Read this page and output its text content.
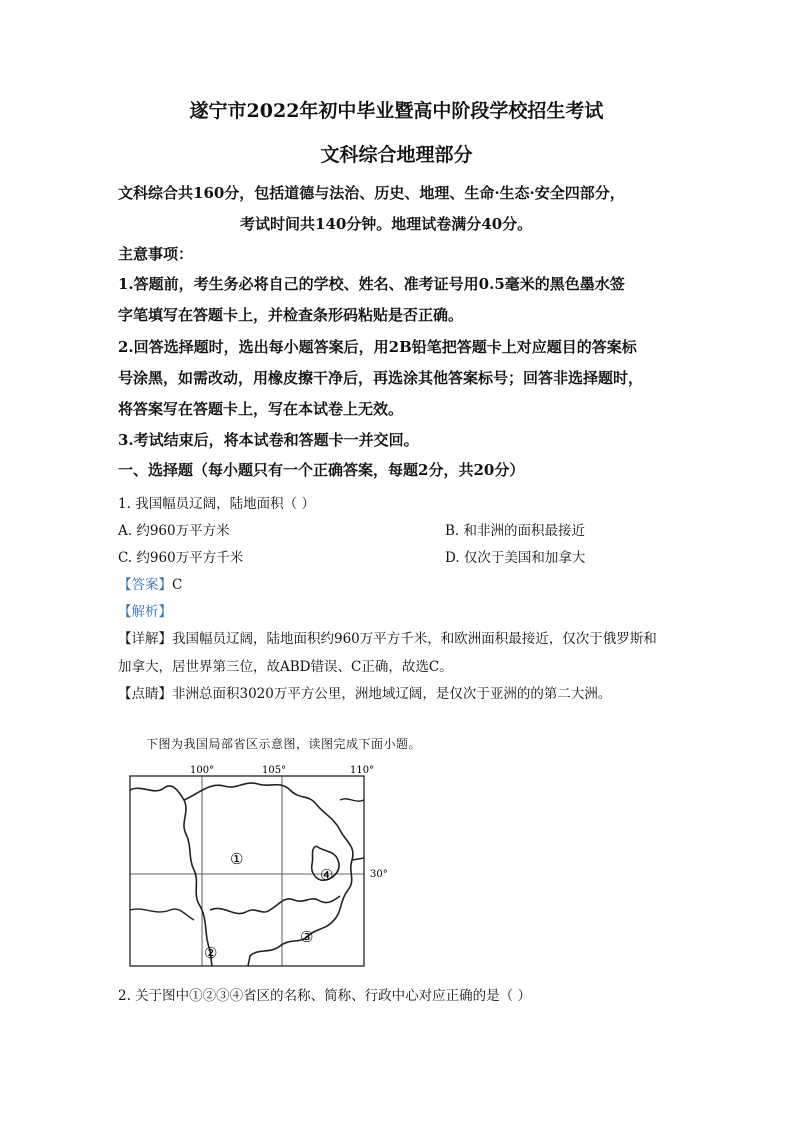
遂宁市2022年初中毕业暨高中阶段学校招生考试
文科综合地理部分
文科综合共160分，包括道德与法治、历史、地理、生命·生态·安全四部分，
考试时间共140分钟。地理试卷满分40分。
主意事项：
1.答题前，考生务必将自己的学校、姓名、准考证号用0.5毫米的黑色墨水签
字笔填写在答题卡上，并检查条形码粘贴是否正确。
2.回答选择题时，选出每小题答案后，用2B铅笔把答题卡上对应题目的答案标
号涂黑，如需改动，用橡皮擦干净后，再选涂其他答案标号；回答非选择题时，
将答案写在答题卡上，写在本试卷上无效。
3.考试结束后，将本试卷和答题卡一并交回。
一、选择题（每小题只有一个正确答案，每题2分，共20分）
1. 我国幅员辽阔，陆地面积（ ）
A. 约960万平方米	B. 和非洲的面积最接近
C. 约960万平方千米	D. 仅次于美国和加拿大
【答案】C
【解析】
【详解】我国幅员辽阔，陆地面积约960万平方千米，和欧洲面积最接近，仅次于俄罗斯和
加拿大，居世界第三位，故ABD错误、C正确，故选C。
【点睛】非洲总面积3020万平方公里，洲地域辽阔，是仅次于亚洲的的第二大洲。
下图为我国局部省区示意图，读图完成下面小题。
100°	105°	110°
30°
①
②
③
④
2. 关于图中①②③④省区的名称、简称、行政中心对应正确的是（ ）
